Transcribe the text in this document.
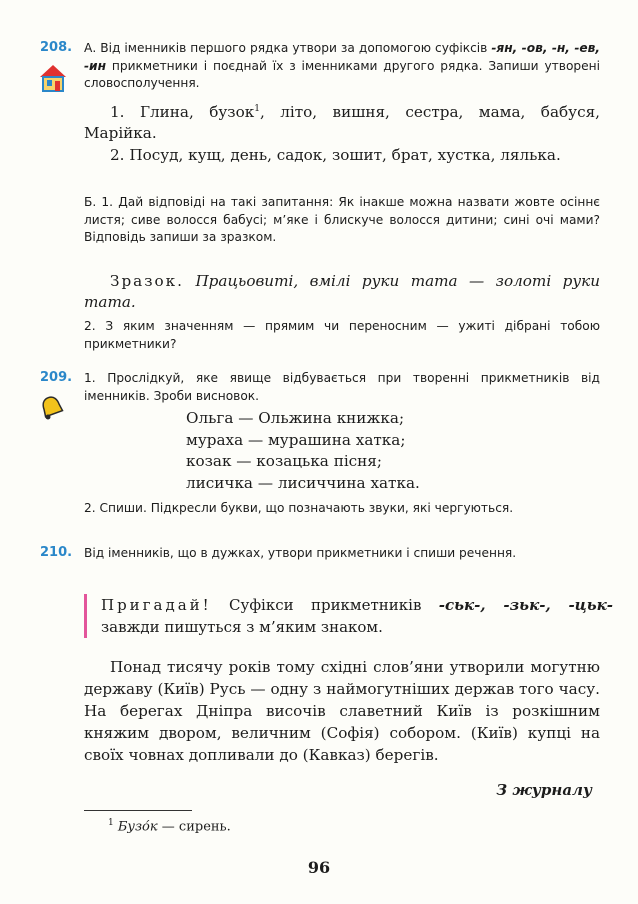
208. А. Від іменників першого рядка утвори за допомогою суфіксів -ян, -ов, -н, -ев, -ин прикметники і поєднай їх з іменниками другого рядка. Запиши утворені словосполучення.
1. Глина, бузок$^1$, літо, вишня, сестра, мама, бабуся, Марійка.
2. Посуд, кущ, день, садок, зошит, брат, хустка, лялька.
Б. 1. Дай відповіді на такі запитання: Як інакше можна назвати жовте осіннє листя; сиве волосся бабусі; м’яке і блискуче волосся дитини; сині очі мами? Відповідь запиши за зразком.
Зразок. Працьовиті, вмілі руки тата — золоті руки тата.
2. З яким значенням — прямим чи переносним — ужиті дібрані тобою прикметники?
209. 1. Прослідкуй, яке явище відбувається при творенні прикметників від іменників. Зроби висновок.
Ольга — Ольжина книжка;
мураха — мурашина хатка;
козак — козацька пісня;
лисичка — лисиччина хатка.
2. Спиши. Підкресли букви, що позначають звуки, які чергуються.
210. Від іменників, що в дужках, утвори прикметники і спиши речення.
Пригадай! Суфікси прикметників -ськ-, -зьк-, -цьк- завжди пишуться з м’яким знаком.
Понад тисячу років тому східні слов’яни утворили могутню державу (Київ) Русь — одну з наймогутніших держав того часу. На берегах Дніпра височів славетний Київ із розкішним княжим двором, величним (Софія) собором. (Київ) купці на своїх човнах допливали до (Кавказ) берегів.
З журналу
$^1$ Бузо́к — сирень.
96
